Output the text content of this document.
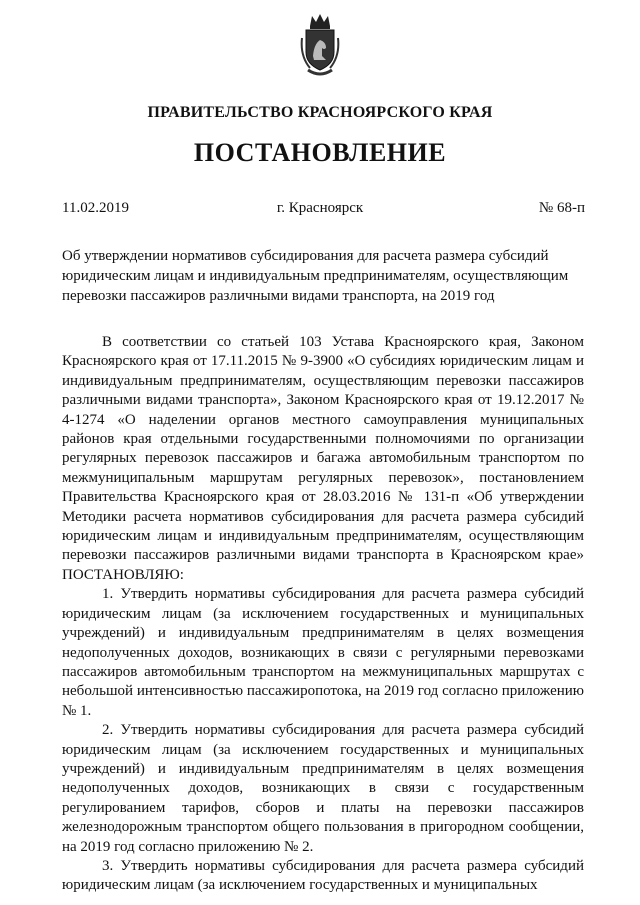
ПРАВИТЕЛЬСТВО КРАСНОЯРСКОГО КРАЯ
ПОСТАНОВЛЕНИЕ
11.02.2019	г. Красноярск	№ 68-п
Об утверждении нормативов субсидирования для расчета размера субсидий юридическим лицам и индивидуальным предпринимателям, осуществляющим перевозки пассажиров различными видами транспорта, на 2019 год

В соответствии со статьей 103 Устава Красноярского края, Законом Красноярского края от 17.11.2015 № 9-3900 «О субсидиях юридическим лицам и индивидуальным предпринимателям, осуществляющим перевозки пассажиров различными видами транспорта», Законом Красноярского края от 19.12.2017 № 4-1274 «О наделении органов местного самоуправления муниципальных районов края отдельными государственными полномочиями по организации регулярных перевозок пассажиров и багажа автомобильным транспортом по межмуниципальным маршрутам регулярных перевозок», постановлением Правительства Красноярского края от 28.03.2016 № 131-п «Об утверждении Методики расчета нормативов субсидирования для расчета размера субсидий юридическим лицам и индивидуальным предпринимателям, осуществляющим перевозки пассажиров различными видами транспорта в Красноярском крае» ПОСТАНОВЛЯЮ:

1. Утвердить нормативы субсидирования для расчета размера субсидий юридическим лицам (за исключением государственных и муниципальных учреждений) и индивидуальным предпринимателям в целях возмещения недополученных доходов, возникающих в связи с регулярными перевозками пассажиров автомобильным транспортом на межмуниципальных маршрутах с небольшой интенсивностью пассажиропотока, на 2019 год согласно приложению № 1.

2. Утвердить нормативы субсидирования для расчета размера субсидий юридическим лицам (за исключением государственных и муниципальных учреждений) и индивидуальным предпринимателям в целях возмещения недополученных доходов, возникающих в связи с государственным регулированием тарифов, сборов и платы на перевозки пассажиров железнодорожным транспортом общего пользования в пригородном сообщении, на 2019 год согласно приложению № 2.

3. Утвердить нормативы субсидирования для расчета размера субсидий юридическим лицам (за исключением государственных и муниципальных
